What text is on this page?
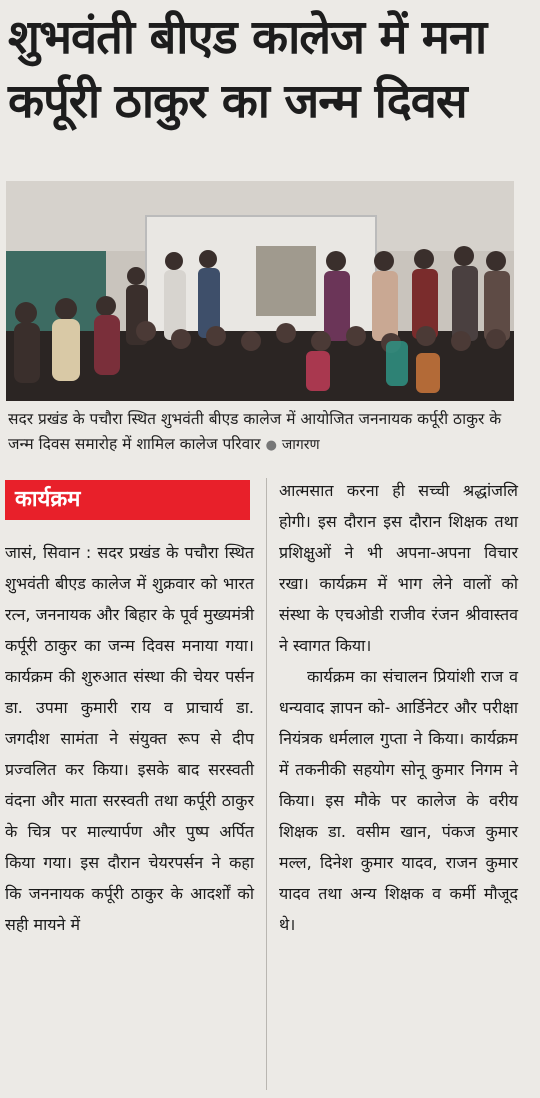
शुभवंती बीएड कालेज में मना
कर्पूरी ठाकुर का जन्म दिवस
सदर प्रखंड के पचौरा स्थित शुभवंती बीएड कालेज में आयोजित जननायक कर्पूरी ठाकुर के जन्म दिवस समारोह में शामिल कालेज परिवार ● जागरण
कार्यक्रम

जासं, सिवान : सदर प्रखंड के पचौरा स्थित शुभवंती बीएड कालेज में शुक्रवार को भारत रत्न, जननायक और बिहार के पूर्व मुख्यमंत्री कर्पूरी ठाकुर का जन्म दिवस मनाया गया। कार्यक्रम की शुरुआत संस्था की चेयर पर्सन डा. उपमा कुमारी राय व प्राचार्य डा. जगदीश सामंता ने संयुक्त रूप से दीप प्रज्वलित कर किया। इसके बाद सरस्वती वंदना और माता सरस्वती तथा कर्पूरी ठाकुर के चित्र पर माल्यार्पण और पुष्प अर्पित किया गया। इस दौरान चेयरपर्सन ने कहा कि जननायक कर्पूरी ठाकुर के आदर्शों को सही मायने में

आत्मसात करना ही सच्ची श्रद्धांजलि होगी। इस दौरान इस दौरान शिक्षक तथा प्रशिक्षुओं ने भी अपना-अपना विचार रखा। कार्यक्रम में भाग लेने वालों को संस्था के एचओडी राजीव रंजन श्रीवास्तव ने स्वागत किया।

कार्यक्रम का संचालन प्रियांशी राज व धन्यवाद ज्ञापन को- आर्डिनेटर और परीक्षा नियंत्रक धर्मलाल गुप्ता ने किया। कार्यक्रम में तकनीकी सहयोग सोनू कुमार निगम ने किया। इस मौके पर कालेज के वरीय शिक्षक डा. वसीम खान, पंकज कुमार मल्ल, दिनेश कुमार यादव, राजन कुमार यादव तथा अन्य शिक्षक व कर्मी मौजूद थे।
